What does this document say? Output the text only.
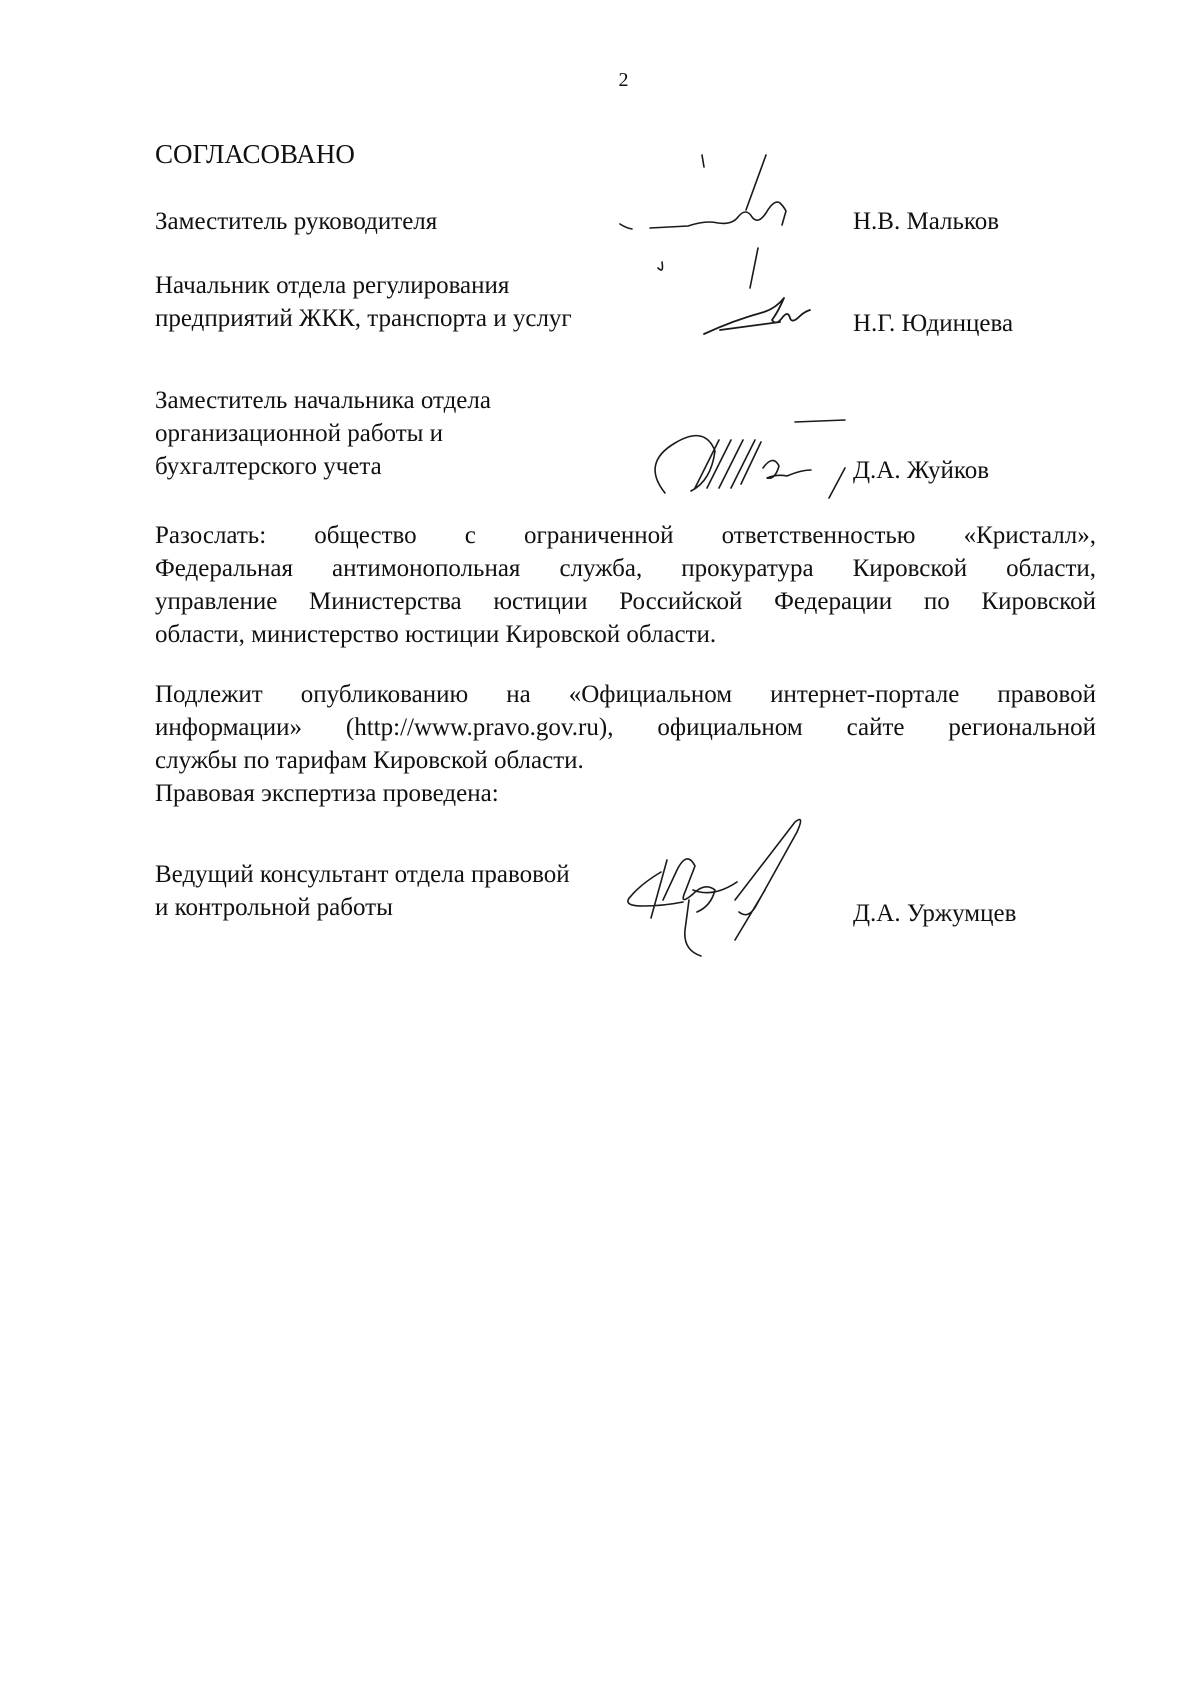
2
СОГЛАСОВАНО
Заместитель руководителя	Н.В. Мальков
Начальник отдела регулирования
предприятий ЖКК, транспорта и услуг	Н.Г. Юдинцева
Заместитель начальника отдела
организационной работы и
бухгалтерского учета	Д.А. Жуйков
Разослать: общество с ограниченной ответственностью «Кристалл»,
Федеральная антимонопольная служба, прокуратура Кировской области,
управление Министерства юстиции Российской Федерации по Кировской
области, министерство юстиции Кировской области.
Подлежит опубликованию на «Официальном интернет-портале правовой
информации» (http://www.pravo.gov.ru), официальном сайте региональной
службы по тарифам Кировской области.
Правовая экспертиза проведена:
Ведущий консультант отдела правовой
и контрольной работы	Д.А. Уржумцев
